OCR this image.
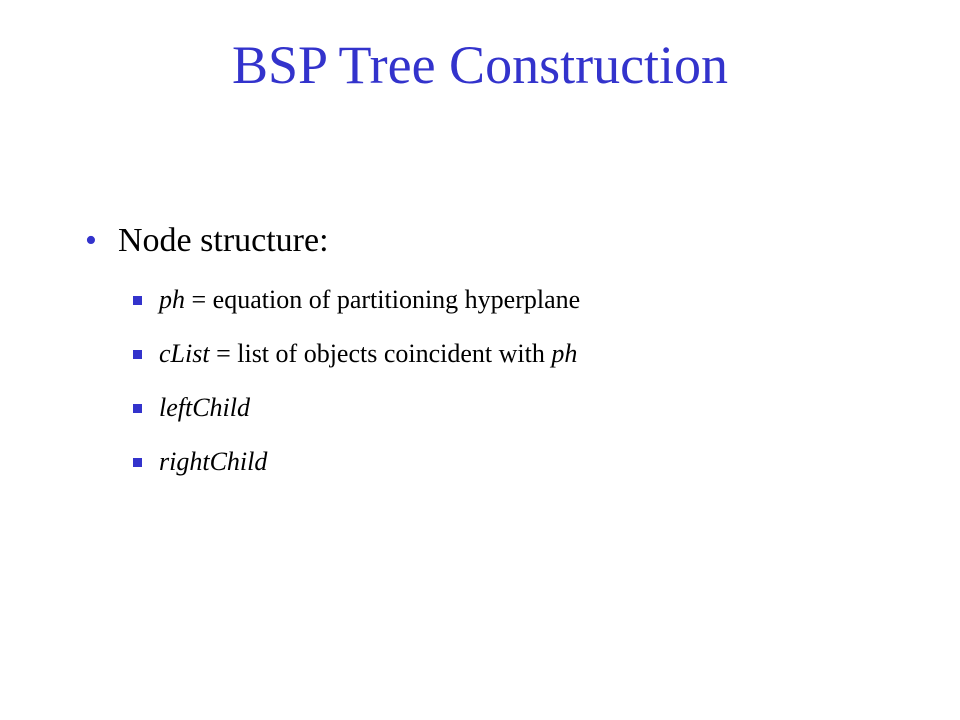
BSP Tree Construction
• Node structure:
ph = equation of partitioning hyperplane
cList = list of objects coincident with ph
leftChild
rightChild
